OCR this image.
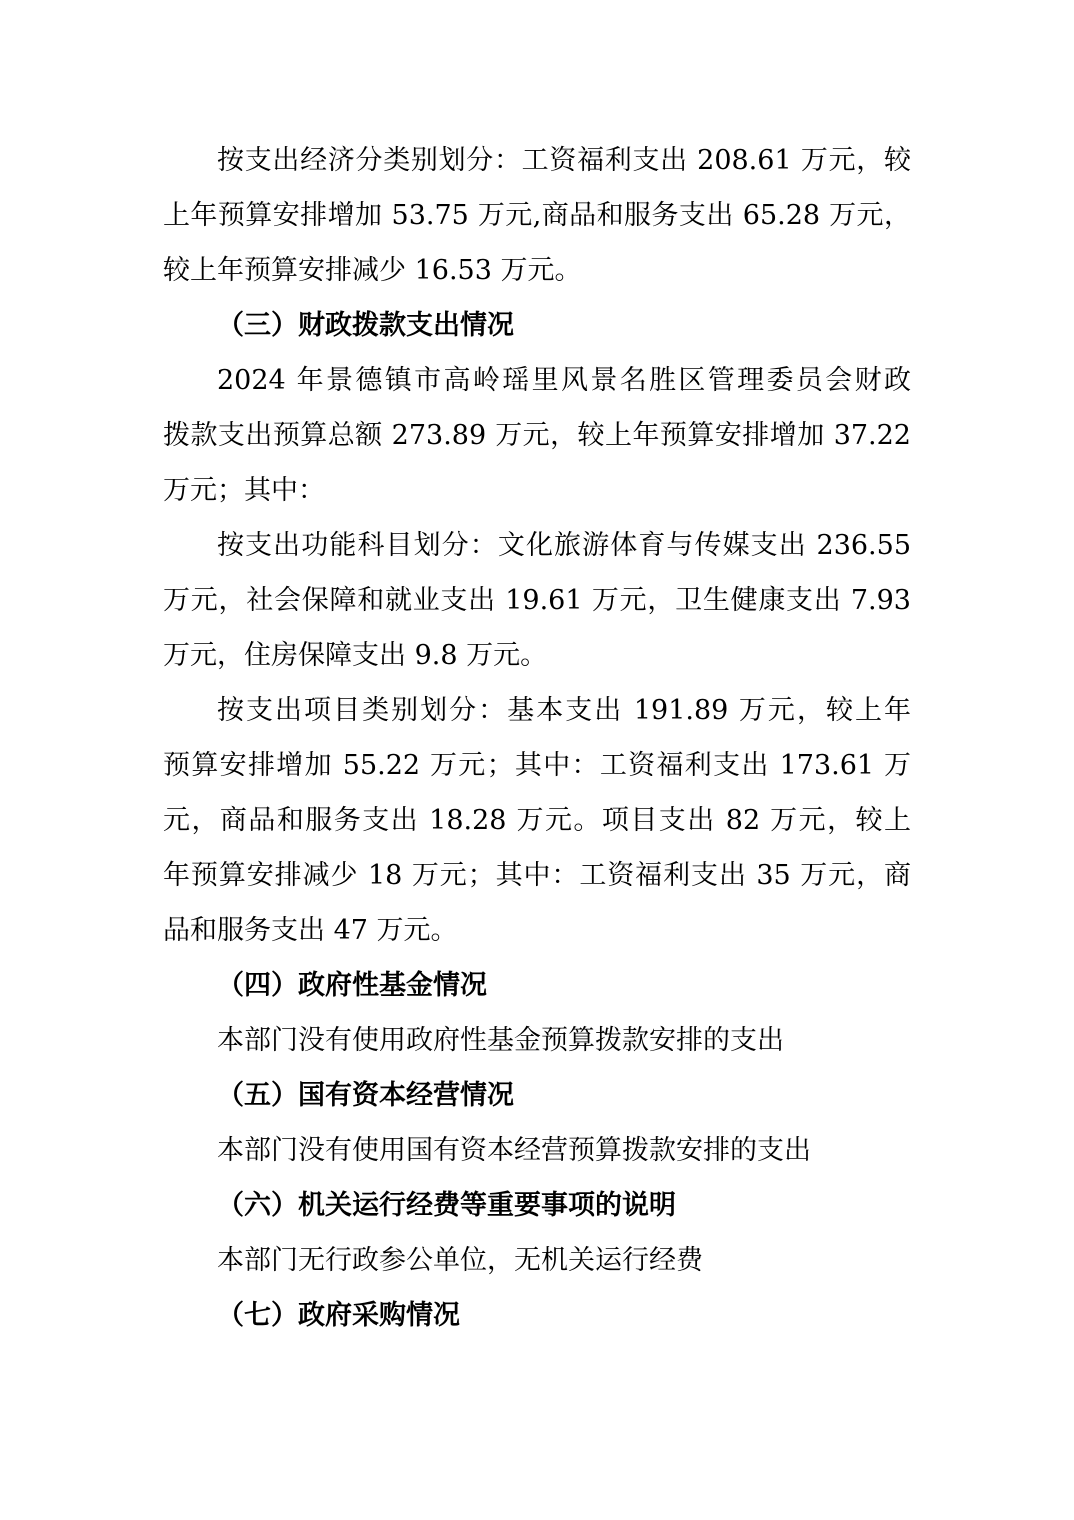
按支出经济分类别划分：工资福利支出 208.61 万元，较
上年预算安排增加 53.75 万元,商品和服务支出 65.28 万元，
较上年预算安排减少 16.53 万元。
（三）财政拨款支出情况
2024 年景德镇市高岭瑶里风景名胜区管理委员会财政
拨款支出预算总额 273.89 万元，较上年预算安排增加 37.22
万元；其中：
按支出功能科目划分：文化旅游体育与传媒支出 236.55
万元，社会保障和就业支出 19.61 万元，卫生健康支出 7.93
万元，住房保障支出 9.8 万元。
按支出项目类别划分：基本支出 191.89 万元，较上年
预算安排增加 55.22 万元；其中：工资福利支出 173.61 万
元，商品和服务支出 18.28 万元。项目支出 82 万元，较上
年预算安排减少 18 万元；其中：工资福利支出 35 万元，商
品和服务支出 47 万元。
（四）政府性基金情况
本部门没有使用政府性基金预算拨款安排的支出
（五）国有资本经营情况
本部门没有使用国有资本经营预算拨款安排的支出
（六）机关运行经费等重要事项的说明
本部门无行政参公单位，无机关运行经费
（七）政府采购情况
